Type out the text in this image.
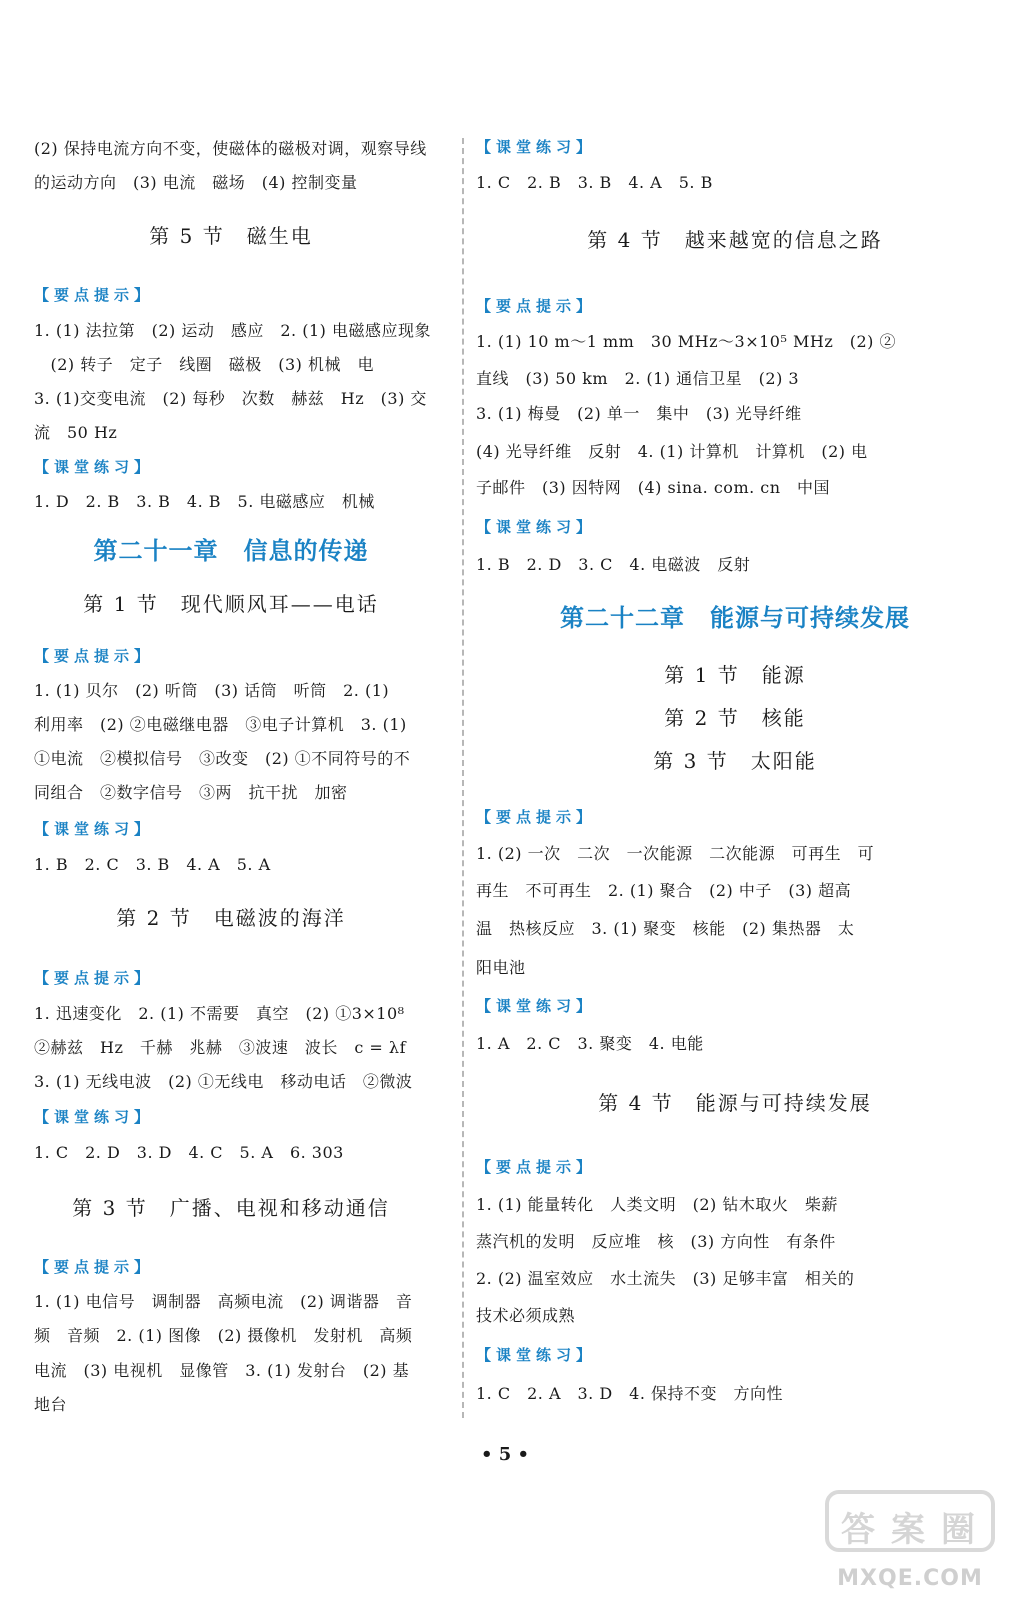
(2) 保持电流方向不变，使磁体的磁极对调，观察导线
的运动方向　(3) 电流　磁场　(4) 控制变量
第 5 节　磁生电
【要点提示】
1. (1) 法拉第　(2) 运动　感应　2. (1) 电磁感应现象
　(2) 转子　定子　线圈　磁极　(3) 机械　电
3. (1)交变电流　(2) 每秒　次数　赫兹　Hz　(3) 交
流　50 Hz
【课堂练习】
1. D　2. B　3. B　4. B　5. 电磁感应　机械
第二十一章　信息的传递
第 1 节　现代顺风耳——电话
【要点提示】
1. (1) 贝尔　(2) 听筒　(3) 话筒　听筒　2. (1)
利用率　(2) ②电磁继电器　③电子计算机　3. (1)
①电流　②模拟信号　③改变　(2) ①不同符号的不
同组合　②数字信号　③两　抗干扰　加密
【课堂练习】
1. B　2. C　3. B　4. A　5. A
第 2 节　电磁波的海洋
【要点提示】
1. 迅速变化　2. (1) 不需要　真空　(2) ①3×10⁸
②赫兹　Hz　千赫　兆赫　③波速　波长　c = λf
3. (1) 无线电波　(2) ①无线电　移动电话　②微波
【课堂练习】
1. C　2. D　3. D　4. C　5. A　6. 303
第 3 节　广播、电视和移动通信
【要点提示】
1. (1) 电信号　调制器　高频电流　(2) 调谐器　音
频　音频　2. (1) 图像　(2) 摄像机　发射机　高频
电流　(3) 电视机　显像管　3. (1) 发射台　(2) 基
地台
【课堂练习】
1. C　2. B　3. B　4. A　5. B
第 4 节　越来越宽的信息之路
【要点提示】
1. (1) 10 m～1 mm　30 MHz～3×10⁵ MHz　(2) ②
直线　(3) 50 km　2. (1) 通信卫星　(2) 3
3. (1) 梅曼　(2) 单一　集中　(3) 光导纤维
(4) 光导纤维　反射　4. (1) 计算机　计算机　(2) 电
子邮件　(3) 因特网　(4) sina. com. cn　中国
【课堂练习】
1. B　2. D　3. C　4. 电磁波　反射
第二十二章　能源与可持续发展
第 1 节　能源
第 2 节　核能
第 3 节　太阳能
【要点提示】
1. (2) 一次　二次　一次能源　二次能源　可再生　可
再生　不可再生　2. (1) 聚合　(2) 中子　(3) 超高
温　热核反应　3. (1) 聚变　核能　(2) 集热器　太
阳电池
【课堂练习】
1. A　2. C　3. 聚变　4. 电能
第 4 节　能源与可持续发展
【要点提示】
1. (1) 能量转化　人类文明　(2) 钻木取火　柴薪
蒸汽机的发明　反应堆　核　(3) 方向性　有条件
2. (2) 温室效应　水土流失　(3) 足够丰富　相关的
技术必须成熟
【课堂练习】
1. C　2. A　3. D　4. 保持不变　方向性
• 5 •
答 案 圈
MXQE.COM
